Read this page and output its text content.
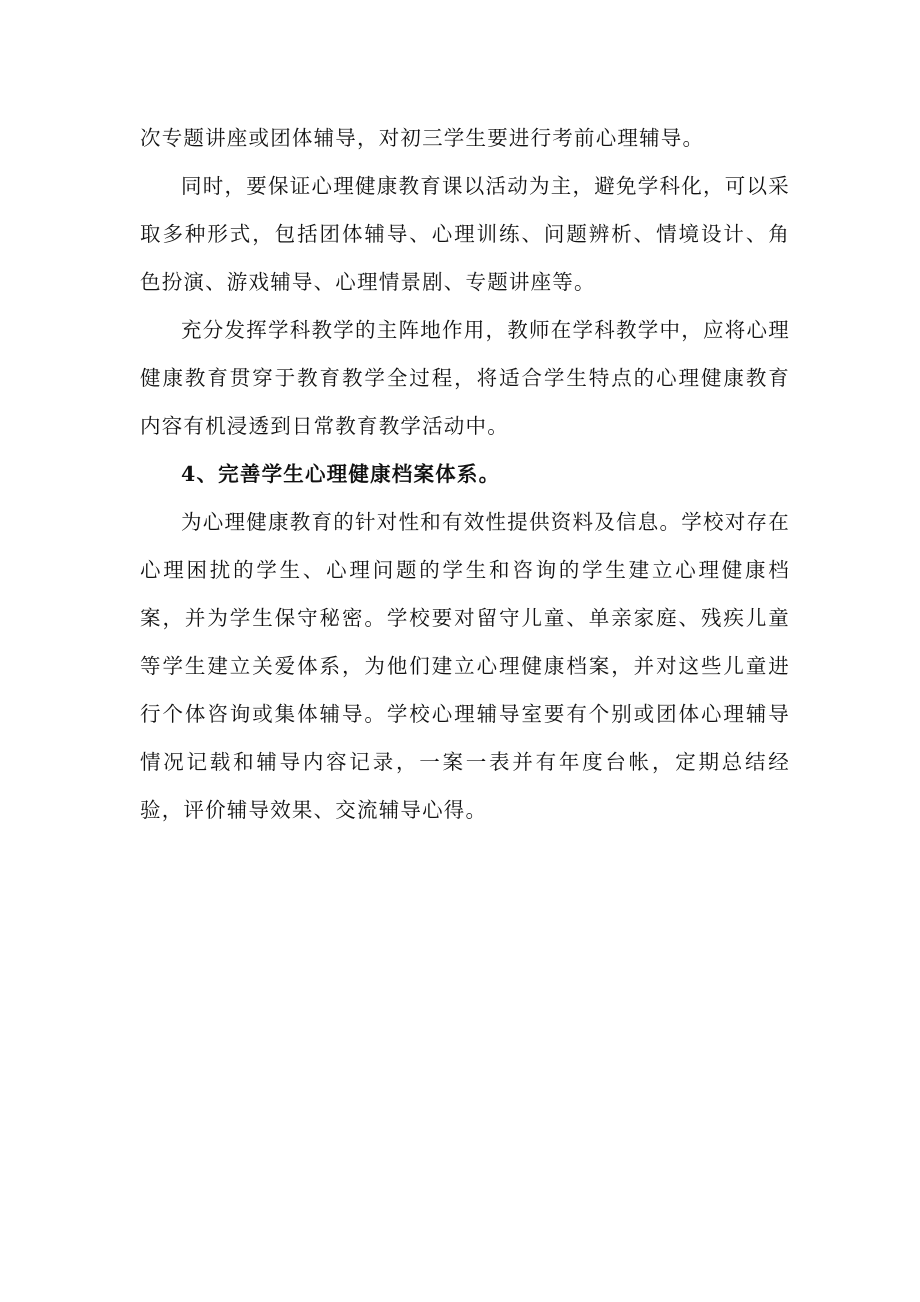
次专题讲座或团体辅导，对初三学生要进行考前心理辅导。

同时，要保证心理健康教育课以活动为主，避免学科化，可以采取多种形式，包括团体辅导、心理训练、问题辨析、情境设计、角色扮演、游戏辅导、心理情景剧、专题讲座等。

充分发挥学科教学的主阵地作用，教师在学科教学中，应将心理健康教育贯穿于教育教学全过程，将适合学生特点的心理健康教育内容有机浸透到日常教育教学活动中。

4、完善学生心理健康档案体系。

为心理健康教育的针对性和有效性提供资料及信息。学校对存在心理困扰的学生、心理问题的学生和咨询的学生建立心理健康档案，并为学生保守秘密。学校要对留守儿童、单亲家庭、残疾儿童等学生建立关爱体系，为他们建立心理健康档案，并对这些儿童进行个体咨询或集体辅导。学校心理辅导室要有个别或团体心理辅导情况记载和辅导内容记录，一案一表并有年度台帐，定期总结经验，评价辅导效果、交流辅导心得。
